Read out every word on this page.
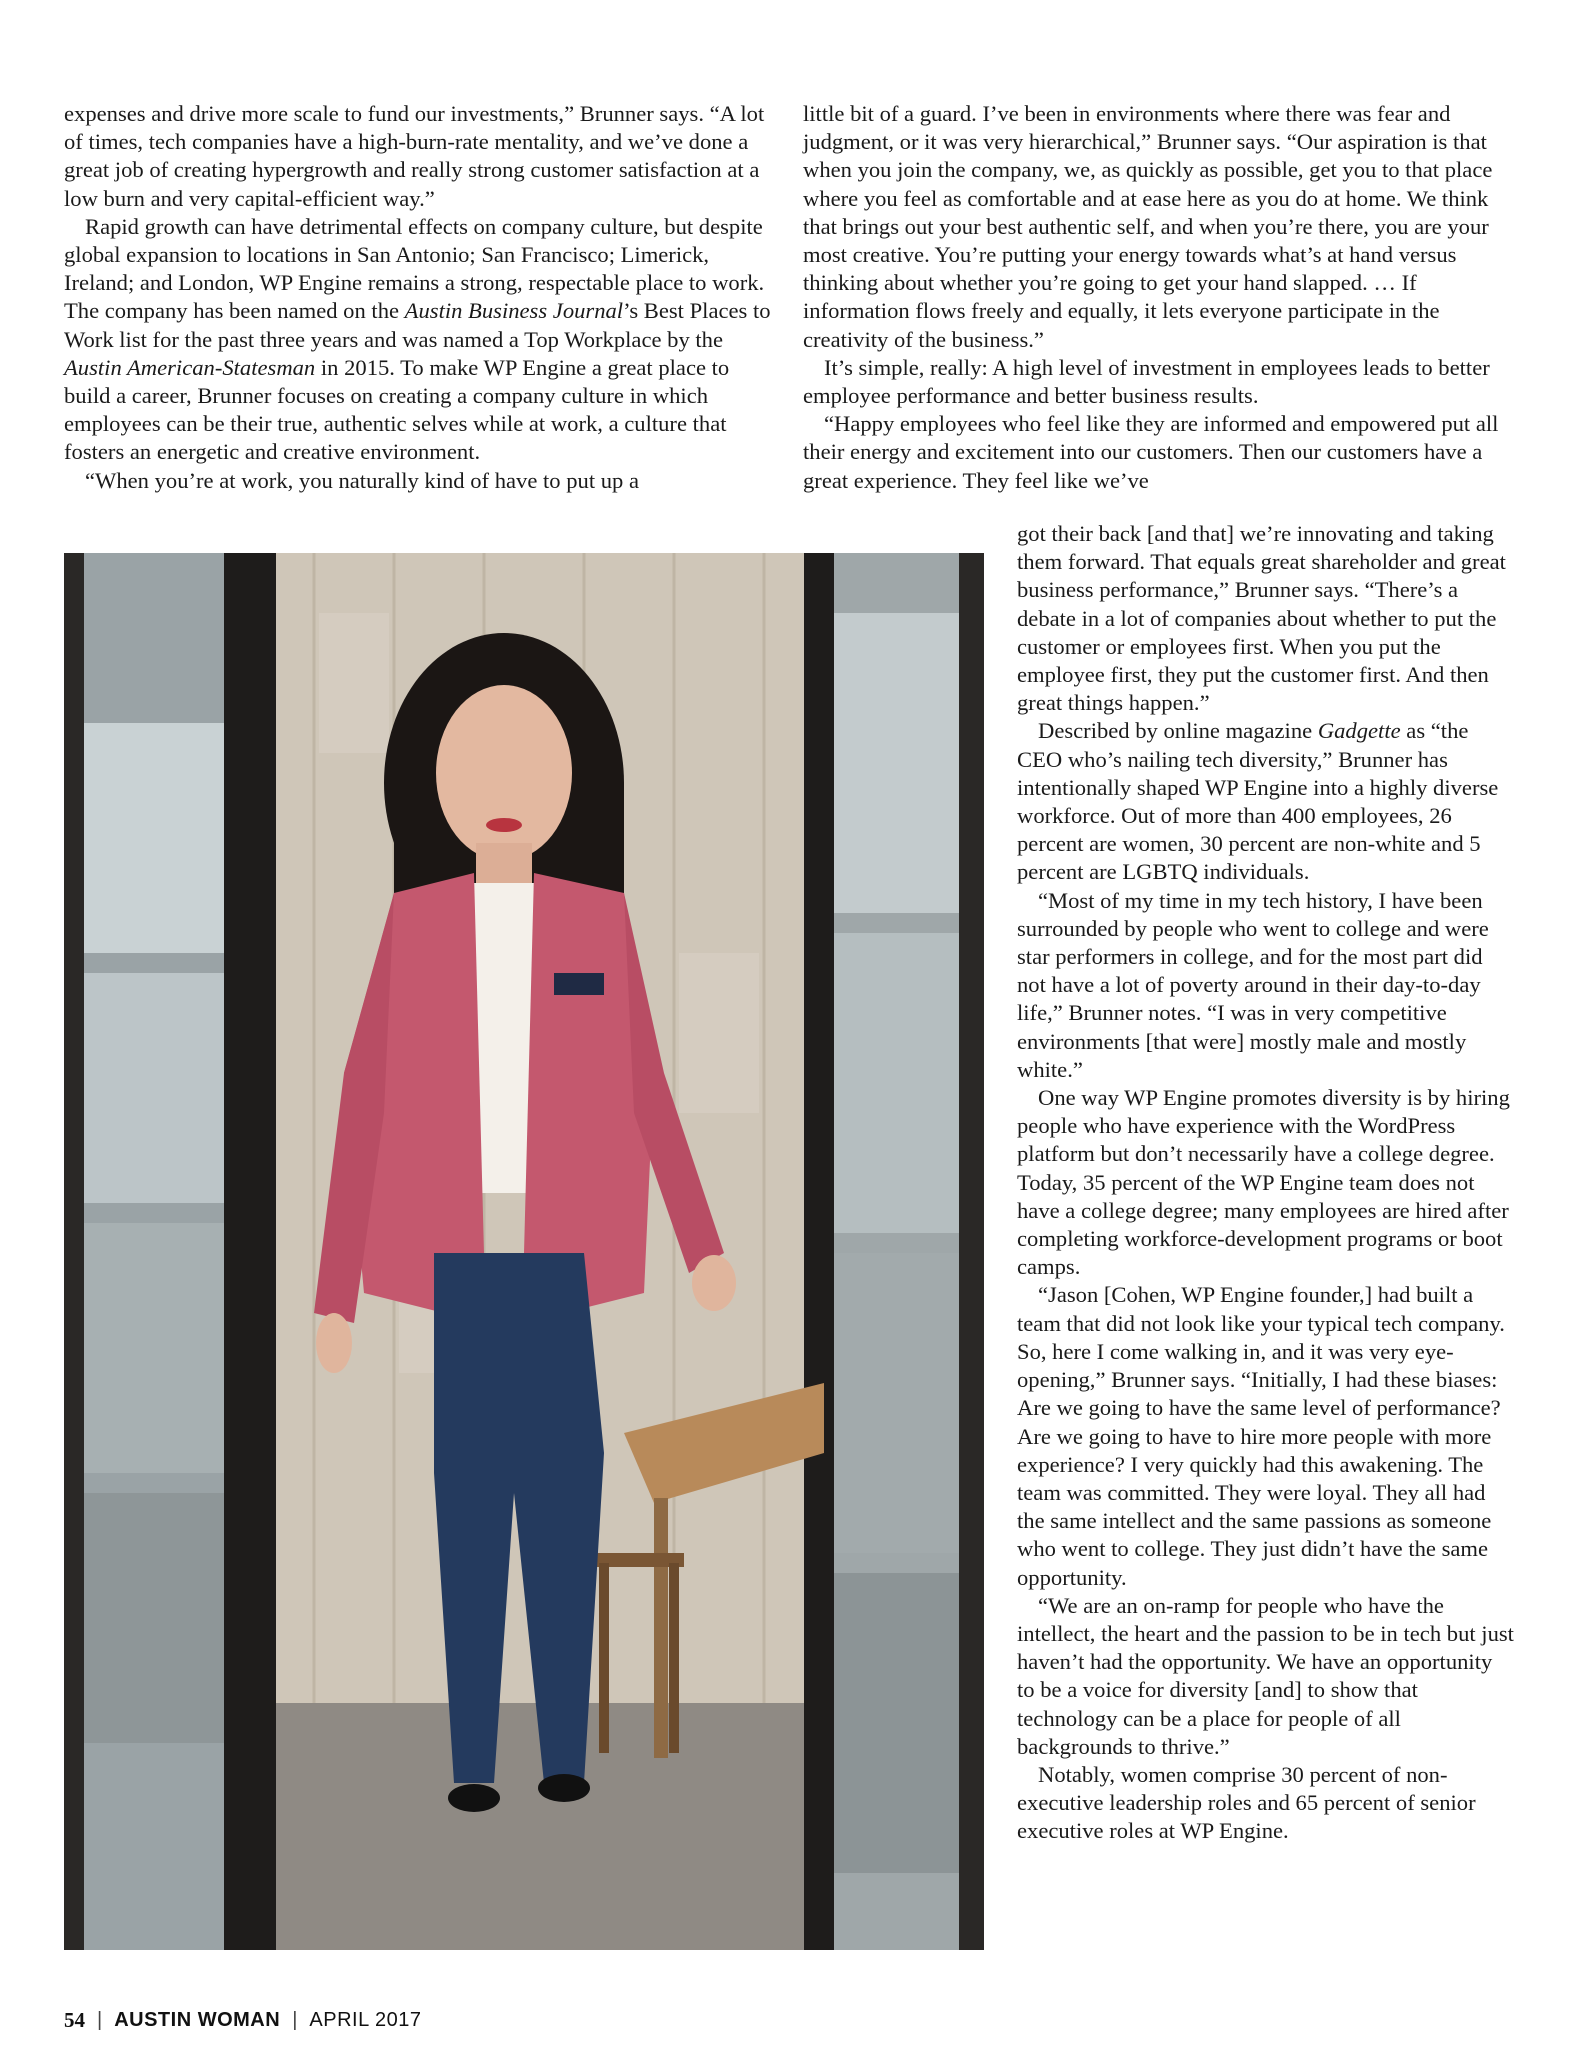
expenses and drive more scale to fund our investments,” Brunner says. “A lot of times, tech companies have a high-burn-rate mentality, and we’ve done a great job of creating hypergrowth and really strong customer satisfaction at a low burn and very capital-efficient way.”

Rapid growth can have detrimental effects on company culture, but despite global expansion to locations in San Antonio; San Francisco; Limerick, Ireland; and London, WP Engine remains a strong, respectable place to work. The company has been named on the Austin Business Journal’s Best Places to Work list for the past three years and was named a Top Workplace by the Austin American-Statesman in 2015. To make WP Engine a great place to build a career, Brunner focuses on creating a company culture in which employees can be their true, authentic selves while at work, a culture that fosters an energetic and creative environment.

“When you’re at work, you naturally kind of have to put up a

little bit of a guard. I’ve been in environments where there was fear and judgment, or it was very hierarchical,” Brunner says. “Our aspiration is that when you join the company, we, as quickly as possible, get you to that place where you feel as comfortable and at ease here as you do at home. We think that brings out your best authentic self, and when you’re there, you are your most creative. You’re putting your energy towards what’s at hand versus thinking about whether you’re going to get your hand slapped. … If information flows freely and equally, it lets everyone participate in the creativity of the business.”

It’s simple, really: A high level of investment in employees leads to better employee performance and better business results.

“Happy employees who feel like they are informed and empowered put all their energy and excitement into our customers. Then our customers have a great experience. They feel like we’ve

got their back [and that] we’re innovating and taking them forward. That equals great shareholder and great business performance,” Brunner says. “There’s a debate in a lot of companies about whether to put the customer or employees first. When you put the employee first, they put the customer first. And then great things happen.”

Described by online magazine Gadgette as “the CEO who’s nailing tech diversity,” Brunner has intentionally shaped WP Engine into a highly diverse workforce. Out of more than 400 employees, 26 percent are women, 30 percent are non-white and 5 percent are LGBTQ individuals.

“Most of my time in my tech history, I have been surrounded by people who went to college and were star performers in college, and for the most part did not have a lot of poverty around in their day-to-day life,” Brunner notes. “I was in very competitive environments [that were] mostly male and mostly white.”

One way WP Engine promotes diversity is by hiring people who have experience with the WordPress platform but don’t necessarily have a college degree. Today, 35 percent of the WP Engine team does not have a college degree; many employees are hired after completing workforce-development programs or boot camps.

“Jason [Cohen, WP Engine founder,] had built a team that did not look like your typical tech company. So, here I come walking in, and it was very eye-opening,” Brunner says. “Initially, I had these biases: Are we going to have the same level of performance? Are we going to have to hire more people with more experience? I very quickly had this awakening. The team was committed. They were loyal. They all had the same intellect and the same passions as someone who went to college. They just didn’t have the same opportunity.

“We are an on-ramp for people who have the intellect, the heart and the passion to be in tech but just haven’t had the opportunity. We have an opportunity to be a voice for diversity [and] to show that technology can be a place for people of all backgrounds to thrive.”

Notably, women comprise 30 percent of non-executive leadership roles and 65 percent of senior executive roles at WP Engine.

54 | AUSTIN WOMAN | APRIL 2017
